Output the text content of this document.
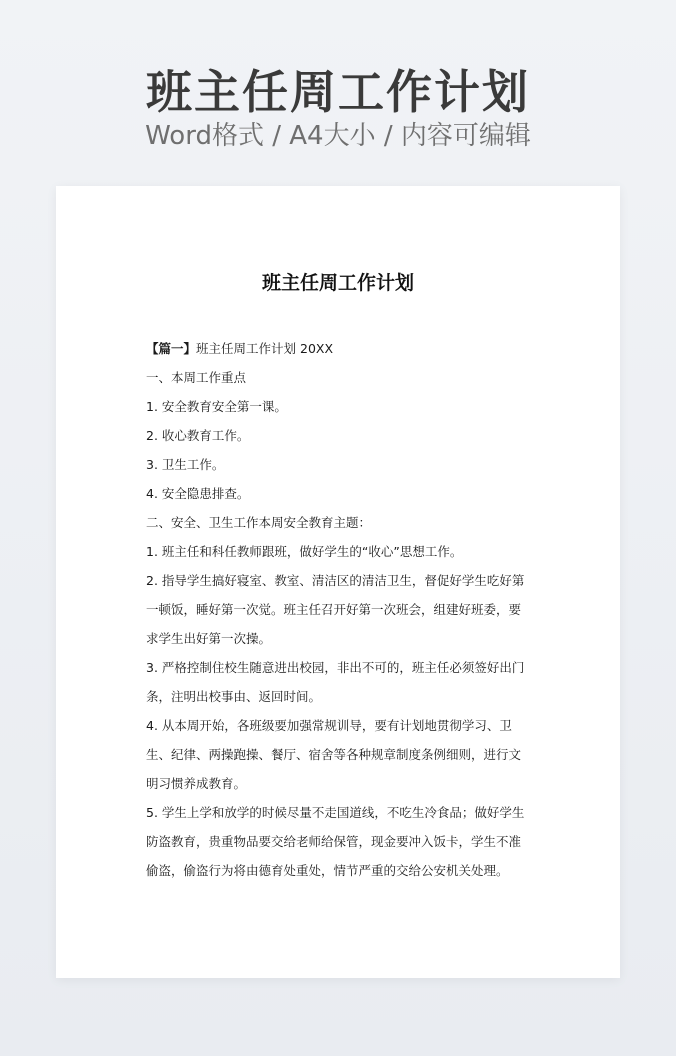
班主任周工作计划
Word格式 / A4大小 / 内容可编辑
班主任周工作计划

【篇一】班主任周工作计划 20XX

一、本周工作重点

1. 安全教育安全第一课。

2. 收心教育工作。

3. 卫生工作。

4. 安全隐患排查。

二、安全、卫生工作本周安全教育主题：

1. 班主任和科任教师跟班，做好学生的“收心”思想工作。

2. 指导学生搞好寝室、教室、清洁区的清洁卫生，督促好学生吃好第一顿饭，睡好第一次觉。班主任召开好第一次班会，组建好班委，要求学生出好第一次操。

3. 严格控制住校生随意进出校园，非出不可的，班主任必须签好出门条，注明出校事由、返回时间。

4. 从本周开始，各班级要加强常规训导，要有计划地贯彻学习、卫生、纪律、两操跑操、餐厅、宿舍等各种规章制度条例细则，进行文明习惯养成教育。

5. 学生上学和放学的时候尽量不走国道线，不吃生冷食品；做好学生防盗教育，贵重物品要交给老师给保管，现金要冲入饭卡，学生不准偷盗，偷盗行为将由德育处重处，情节严重的交给公安机关处理。
